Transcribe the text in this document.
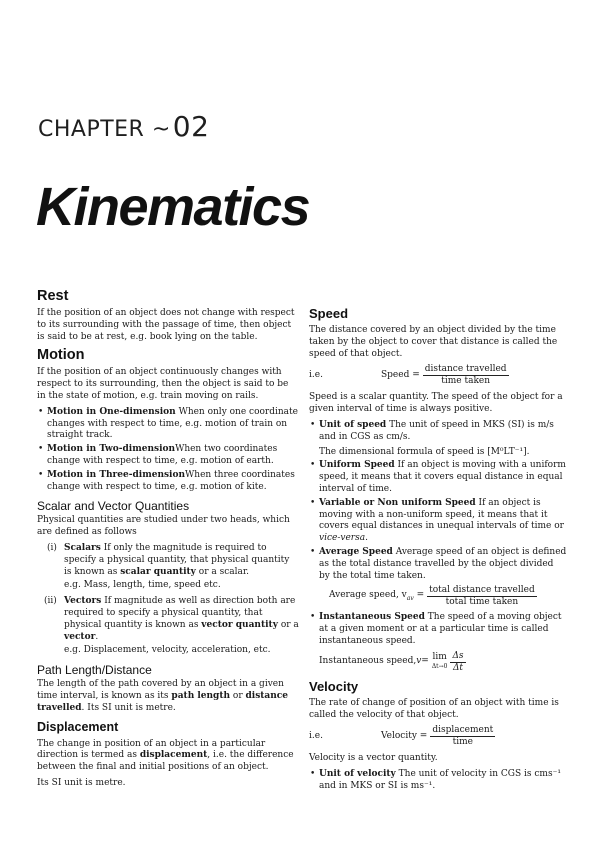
CHAPTER ~02
Kinematics
Rest

If the position of an object does not change with respect to its surrounding with the passage of time, then object is said to be at rest, e.g. book lying on the table.

Motion

If the position of an object continuously changes with respect to its surrounding, then the object is said to be in the state of motion, e.g. train moving on rails.

• Motion in One-dimension When only one coordinate changes with respect to time, e.g. motion of train on straight track.
• Motion in Two-dimensionWhen two coordinates change with respect to time, e.g. motion of earth.
• Motion in Three-dimensionWhen three coordinates change with respect to time, e.g. motion of kite.
Scalar and Vector Quantities

Physical quantities are studied under two heads, which are defined as follows

(i) Scalars If only the magnitude is required to specify a physical quantity, that physical quantity is known as scalar quantity or a scalar.
e.g. Mass, length, time, speed etc.
(ii) Vectors If magnitude as well as direction both are required to specify a physical quantity, that physical quantity is known as vector quantity or a vector.
e.g. Displacement, velocity, acceleration, etc.
Path Length/Distance

The length of the path covered by an object in a given time interval, is known as its path length or distance travelled. Its SI unit is metre.

Displacement

The change in position of an object in a particular direction is termed as displacement, i.e. the difference between the final and initial positions of an object.

Its SI unit is metre.

Speed

The distance covered by an object divided by the time taken by the object to cover that distance is called the speed of that object.

i.e.	Speed = $\frac{\text{distance travelled}}{\text{time taken}}$

Speed is a scalar quantity. The speed of the object for a given interval of time is always positive.

• Unit of speed The unit of speed in MKS (SI) is m/s and in CGS as cm/s.
The dimensional formula of speed is [M⁰LT⁻¹].
• Uniform Speed If an object is moving with a uniform speed, it means that it covers equal distance in equal interval of time.
• Variable or Non uniform Speed If an object is moving with a non-uniform speed, it means that it covers equal distances in unequal intervals of time or vice-versa.
• Average Speed Average speed of an object is defined as the total distance travelled by the object divided by the total time taken.
Average speed, $v_{av} = \frac{\text{total distance travelled}}{\text{total time taken}}$
• Instantaneous Speed The speed of a moving object at a given moment or at a particular time is called instantaneous speed.
Instantaneous speed, v = lim
$\Delta t\to 0 \frac{\Delta s}{\Delta t}$
Velocity

The rate of change of position of an object with time is called the velocity of that object.

i.e.	Velocity = $\frac{\text{displacement}}{\text{time}}$

Velocity is a vector quantity.

• Unit of velocity The unit of velocity in CGS is cms⁻¹ and in MKS or SI is ms⁻¹.
